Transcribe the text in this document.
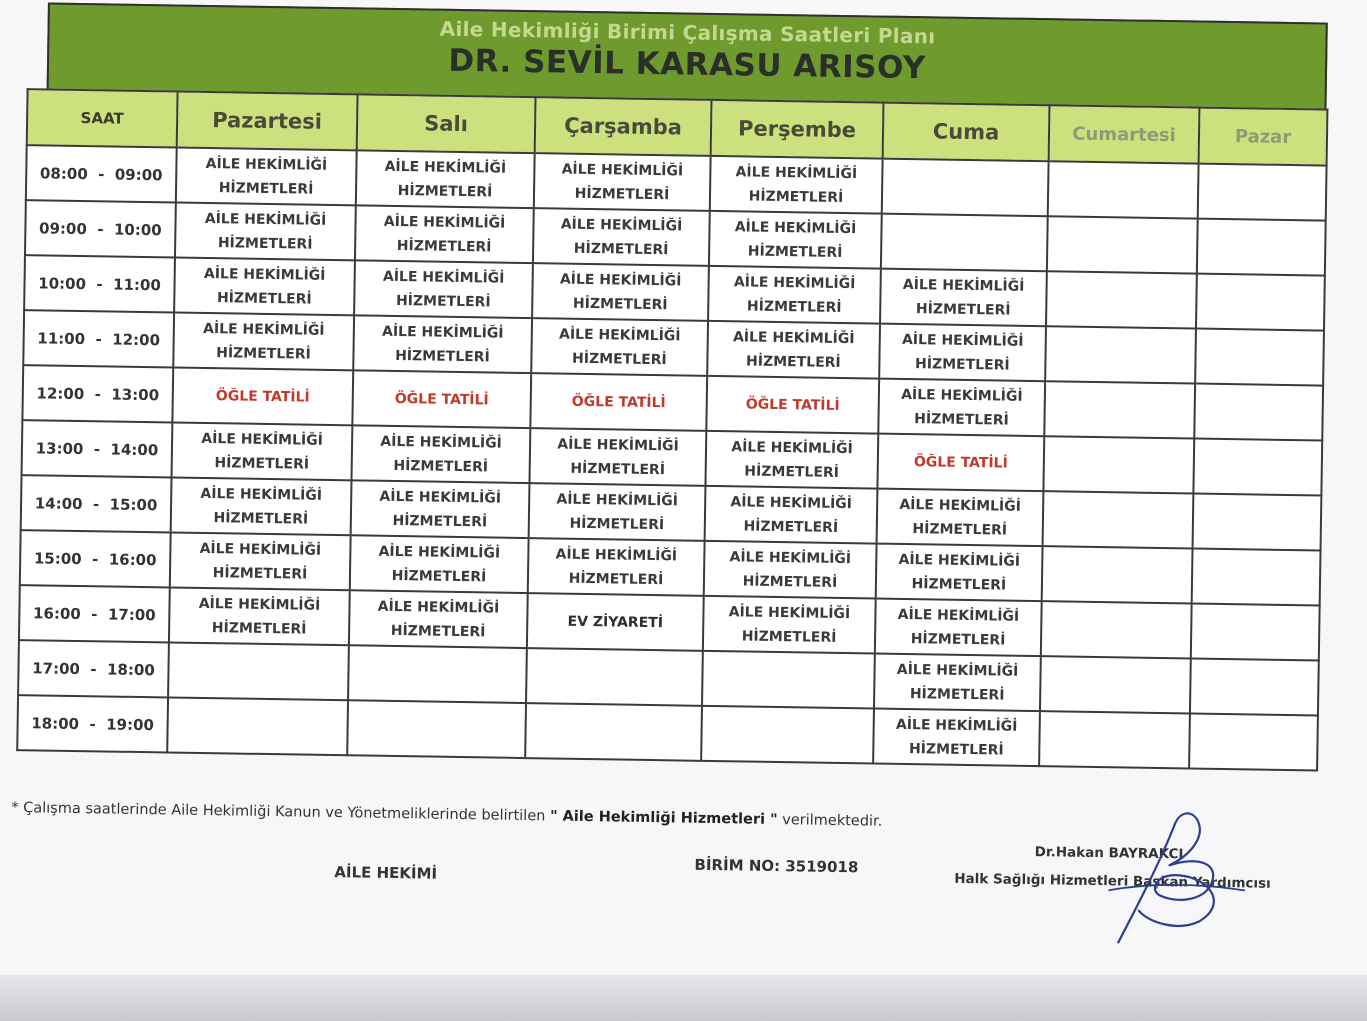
Aile Hekimliği Birimi Çalışma Saatleri Planı
DR. SEVİL KARASU ARISOY
SAAT	Pazartesi	Salı	Çarşamba	Perşembe	Cuma	Cumartesi	Pazar
08:00  -  09:00	AİLE HEKİMLİĞİ
HİZMETLERİ	AİLE HEKİMLİĞİ
HİZMETLERİ	AİLE HEKİMLİĞİ
HİZMETLERİ	AİLE HEKİMLİĞİ
HİZMETLERİ			

09:00  -  10:00	AİLE HEKİMLİĞİ
HİZMETLERİ	AİLE HEKİMLİĞİ
HİZMETLERİ	AİLE HEKİMLİĞİ
HİZMETLERİ	AİLE HEKİMLİĞİ
HİZMETLERİ			

10:00  -  11:00	AİLE HEKİMLİĞİ
HİZMETLERİ	AİLE HEKİMLİĞİ
HİZMETLERİ	AİLE HEKİMLİĞİ
HİZMETLERİ	AİLE HEKİMLİĞİ
HİZMETLERİ	AİLE HEKİMLİĞİ
HİZMETLERİ		

11:00  -  12:00	AİLE HEKİMLİĞİ
HİZMETLERİ	AİLE HEKİMLİĞİ
HİZMETLERİ	AİLE HEKİMLİĞİ
HİZMETLERİ	AİLE HEKİMLİĞİ
HİZMETLERİ	AİLE HEKİMLİĞİ
HİZMETLERİ		

12:00  -  13:00	ÖĞLE TATİLİ	ÖĞLE TATİLİ	ÖĞLE TATİLİ	ÖĞLE TATİLİ	AİLE HEKİMLİĞİ
HİZMETLERİ		

13:00  -  14:00	AİLE HEKİMLİĞİ
HİZMETLERİ	AİLE HEKİMLİĞİ
HİZMETLERİ	AİLE HEKİMLİĞİ
HİZMETLERİ	AİLE HEKİMLİĞİ
HİZMETLERİ	ÖĞLE TATİLİ		
14:00  -  15:00	AİLE HEKİMLİĞİ
HİZMETLERİ	AİLE HEKİMLİĞİ
HİZMETLERİ	AİLE HEKİMLİĞİ
HİZMETLERİ	AİLE HEKİMLİĞİ
HİZMETLERİ	AİLE HEKİMLİĞİ
HİZMETLERİ		

15:00  -  16:00	AİLE HEKİMLİĞİ
HİZMETLERİ	AİLE HEKİMLİĞİ
HİZMETLERİ	AİLE HEKİMLİĞİ
HİZMETLERİ	AİLE HEKİMLİĞİ
HİZMETLERİ	AİLE HEKİMLİĞİ
HİZMETLERİ		

16:00  -  17:00	AİLE HEKİMLİĞİ
HİZMETLERİ	AİLE HEKİMLİĞİ
HİZMETLERİ	EV ZİYARETİ	AİLE HEKİMLİĞİ
HİZMETLERİ	AİLE HEKİMLİĞİ
HİZMETLERİ		

17:00  -  18:00					AİLE HEKİMLİĞİ
HİZMETLERİ		

18:00  -  19:00					AİLE HEKİMLİĞİ
HİZMETLERİ		

* Çalışma saatlerinde Aile Hekimliği Kanun ve Yönetmeliklerinde belirtilen " Aile Hekimliği Hizmetleri " verilmektedir.
AİLE HEKİMİ	BİRİM NO: 3519018
Dr.Hakan BAYRAKCI
Halk Sağlığı Hizmetleri Başkan Yardımcısı
